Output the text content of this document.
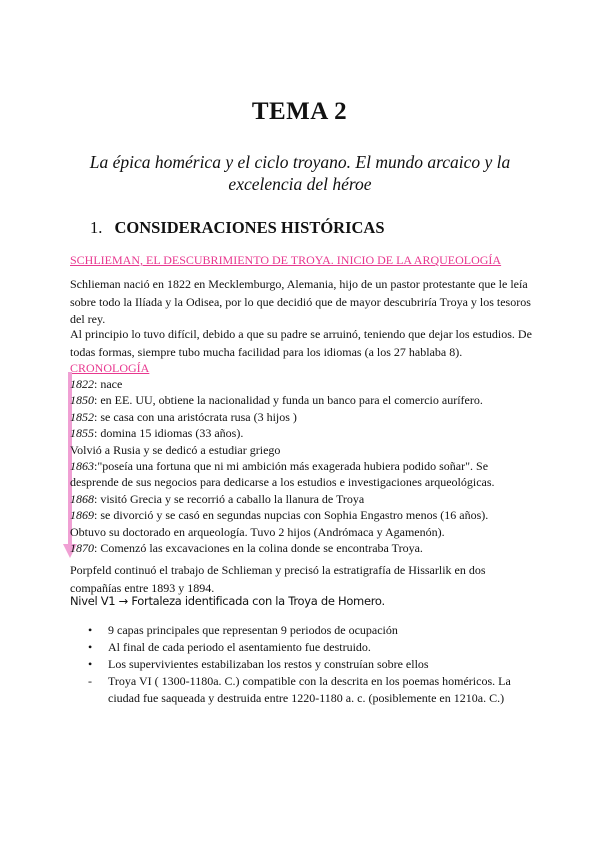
TEMA 2
La épica homérica y el ciclo troyano. El mundo arcaico y la excelencia del héroe
1. CONSIDERACIONES HISTÓRICAS
SCHLIEMAN, EL DESCUBRIMIENTO DE TROYA. INICIO DE LA ARQUEOLOGÍA
Schlieman nació en 1822 en Mecklemburgo, Alemania, hijo de un pastor protestante que le leía sobre todo la Ilíada y la Odisea, por lo que decidió que de mayor descubriría Troya y los tesoros del rey.
Al principio lo tuvo difícil, debido a que su padre se arruinó, teniendo que dejar los estudios. De todas formas, siempre tubo mucha facilidad para los idiomas (a los 27 hablaba 8).
CRONOLOGÍA
1822: nace
1850: en EE. UU, obtiene la nacionalidad y funda un banco para el comercio aurífero.
1852: se casa con una aristócrata rusa (3 hijos )
1855: domina 15 idiomas (33 años).
Volvió a Rusia y se dedicó a estudiar griego
1863:"poseía una fortuna que ni mi ambición más exagerada hubiera podido soñar". Se desprende de sus negocios para dedicarse a los estudios e investigaciones arqueológicas.
1868: visitó Grecia y se recorrió a caballo la llanura de Troya
1869: se divorció y se casó en segundas nupcias con Sophia Engastro menos (16 años).
Obtuvo su doctorado en arqueología. Tuvo 2 hijos (Andrómaca y Agamenón).
1870: Comenzó las excavaciones en la colina donde se encontraba Troya.
Porpfeld continuó el trabajo de Schlieman y precisó la estratigrafía de Hissarlik en dos compañías entre 1893 y 1894.
Nivel V1 → Fortaleza identificada con la Troya de Homero.
•	9 capas principales que representan 9 periodos de ocupación
•	Al final de cada periodo el asentamiento fue destruido.
•	Los supervivientes estabilizaban los restos y construían sobre ellos
-	Troya VI ( 1300-1180a. C.) compatible con la descrita en los poemas homéricos. La ciudad fue saqueada y destruida entre 1220-1180 a. c. (posiblemente en 1210a. C.)
